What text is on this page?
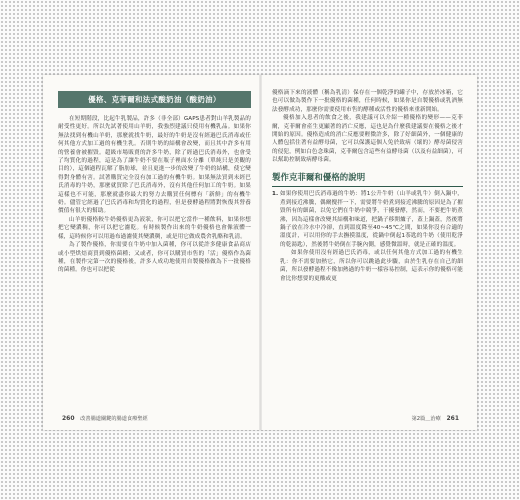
優格、克菲爾和法式酸奶油（酸奶油）

在短期階段，比起牛乳製品，許多（非全部）GAPS患者對山羊乳製品的耐受性更好。所以先試著使用山羊奶，我強烈建議只使用有機乳品。如果你無法找到有機山羊奶，那麼就找牛奶，最好的牛奶是沒有經過巴氏消毒或任何其他方式加工過的有機生乳。否則牛奶的結構會改變，而且其中許多有用的營養會被摧毀。超級市場販賣的許多牛奶，除了經過巴氏消毒外，也會受了均質化的過程，這是為了讓牛奶不要在瓶子裡面水分離（單純只是美觀的目的），這個過程瓦解了脂肪球，並且更進一步的改變了牛奶的結構，使它變得對身體有害。試著購買完全沒有加工過的有機牛奶。如果無法買到未經巴氏消毒的牛奶，那麼就買除了巴氏消毒外，沒有其他任何加工的牛奶。如果這樣也不可能，那麼就盡你最大的努力去購買任何標有「新鮮」的有機牛奶。儘管它經過了巴氏消毒和均質化的過程，但是發酵過程將對恢復其營養價值有很大的幫助。

山羊奶優格較牛奶優格更為液狀，你可以把它當作一種飲料，如果你想把它變濃稠，你可以把它濾乾。有時候製作出來的牛奶優格也會像液體一樣，這時候你可以用過布過濾使其變濃稠，或是用它做成農舍乳酪和乳清。

為了製作優格，你需要在牛奶中加入菌種，你可以從許多健康食品商店或小型烘焙商買到優格菌種；又或者，你可以購買市售的「活」優格作為菌種，在製作完第一次的優格後，許多人成功地使用自製優格做為下一批優格的菌種。你也可以把從

260 改善腸道關鍵的腸道食療聖經

優格滴下來的液體（稱為乳清）保存在一個乾淨的罐子中，存放於冰箱，它也可以做為製作下一批優格的菌種，任何時候，如果你是自製優格或乳酒無法發酵成功，那麼你需要使用市售的酵種或活性的優格來重新開始。

優格加入患者的飲食之後，我建議可以介紹一種優格的變形——克菲爾，克菲爾會產生更顯著的消亡反應，這也是為什麼我建議要在優格之後才開始的原因。優格造成的消亡反應要輕微許多，除了好細菌外，一個健康的人體包括住著有益酵母菌，它可以保護這個人免於致病（壞的）酵母菌侵害的侵犯，例如白色念珠菌，克菲爾包含這些有益酵母菌（以及有益細菌），可以幫助控制致病酵母菌。

製作克菲爾和優格的說明
1. 如果你使用巴氏消毒過的牛奶：將1公升牛奶（山羊或乳牛）倒入鍋中，煮到接近沸騰，偶爾攪拌一下，需要將牛奶煮到接近沸騰的原因是為了摧毀所有的細菌，以免它們在牛奶中競爭，干擾發酵，然而，不要把牛奶煮沸，因為這樣會改變其結構和味道，把鍋子移開爐子，蓋上鍋蓋，然後將鍋子放在冷水中冷卻，直到溫度降至40~45℃之間，如果你沒有合適的溫度計，可以用你的手去撫摸溫度，從鍋中倒起1茶匙的牛奶（使用乾淨的乾湯匙），然後將牛奶倒在手腕內側，感覺微溫時，就是正確的溫度。

如果你使用沒有經過巴氏消毒，或以任何其他方式加工過的有機生乳：你不需要加熱它，所以你可以跳過此步驟，由於生乳存在自己的細菌，所以發酵過程不像加熱過的牛奶一樣容易控制，這表示你的優格可能會比你想要的更酸或更

第2篇＿治療 261
